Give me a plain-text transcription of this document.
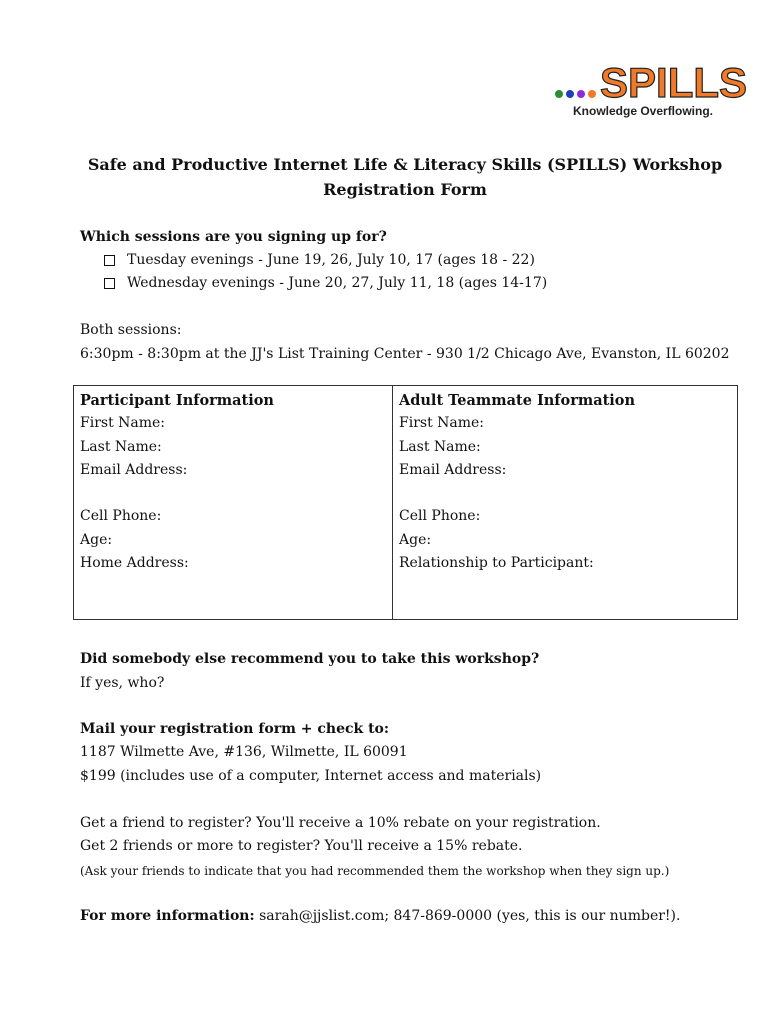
SPILLS
Knowledge Overflowing.
Safe and Productive Internet Life & Literacy Skills (SPILLS) Workshop
Registration Form
Which sessions are you signing up for?
Tuesday evenings - June 19, 26, July 10, 17 (ages 18 - 22)
Wednesday evenings - June 20, 27, July 11, 18 (ages 14-17)
Both sessions:
6:30pm - 8:30pm at the JJ's List Training Center - 930 1/2 Chicago Ave, Evanston, IL 60202
Participant Information
First Name:
Last Name:
Email Address:

Cell Phone:
Age:
Home Address:
Adult Teammate Information
First Name:
Last Name:
Email Address:

Cell Phone:
Age:
Relationship to Participant:
Did somebody else recommend you to take this workshop?
If yes, who?
Mail your registration form + check to:
1187 Wilmette Ave, #136, Wilmette, IL 60091
$199 (includes use of a computer, Internet access and materials)
Get a friend to register? You'll receive a 10% rebate on your registration.
Get 2 friends or more to register? You'll receive a 15% rebate.
(Ask your friends to indicate that you had recommended them the workshop when they sign up.)
For more information: sarah@jjslist.com; 847-869-0000 (yes, this is our number!).
